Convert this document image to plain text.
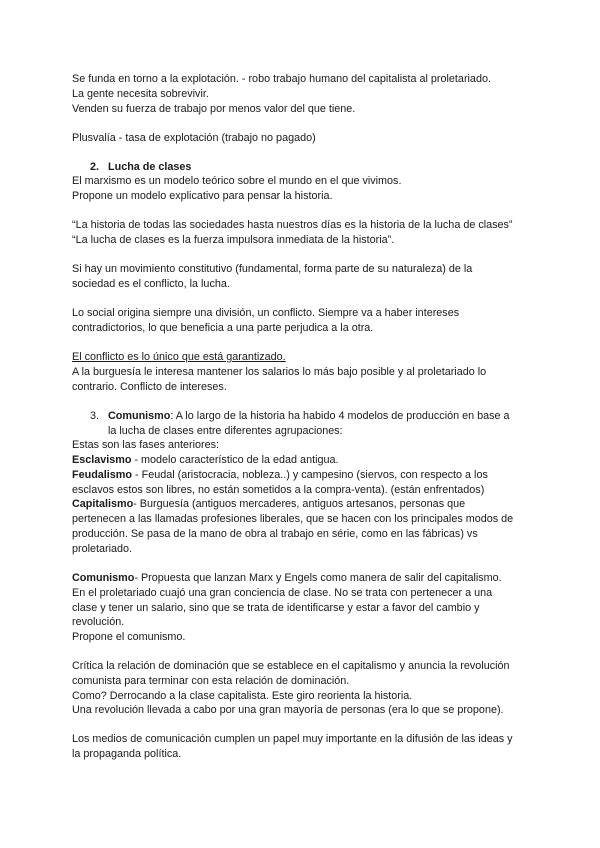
Se funda en torno a la explotación. - robo trabajo humano del capitalista al proletariado.
La gente necesita sobrevivir.
Venden su fuerza de trabajo por menos valor del que tiene.
Plusvalía - tasa de explotación (trabajo no pagado)
2. Lucha de clases
El marxismo es un modelo teórico sobre el mundo en el que vivimos.
Propone un modelo explicativo para pensar la historia.
“La historia de todas las sociedades hasta nuestros días es la historia de la lucha de clases”
“La lucha de clases es la fuerza impulsora inmediata de la historia”.
Si hay un movimiento constitutivo (fundamental, forma parte de su naturaleza) de la
sociedad es el conflicto, la lucha.
Lo social origina siempre una división, un conflicto. Siempre va a haber intereses
contradictorios, lo que beneficia a una parte perjudica a la otra.
El conflicto es lo único que está garantizado.
A la burguesía le interesa mantener los salarios lo más bajo posible y al proletariado lo
contrario. Conflicto de intereses.
3. Comunismo: A lo largo de la historia ha habido 4 modelos de producción en base a
la lucha de clases entre diferentes agrupaciones:
Estas son las fases anteriores:
Esclavismo - modelo característico de la edad antigua.
Feudalismo - Feudal (aristocracia, nobleza..) y campesino (siervos, con respecto a los
esclavos estos son libres, no están sometidos a la compra-venta). (están enfrentados)
Capitalismo- Burguesía (antiguos mercaderes, antiguos artesanos, personas que
pertenecen a las llamadas profesiones liberales, que se hacen con los principales modos de
producción. Se pasa de la mano de obra al trabajo en série, como en las fábricas) vs
proletariado.
Comunismo- Propuesta que lanzan Marx y Engels como manera de salir del capitalismo.
En el proletariado cuajó una gran conciencia de clase. No se trata con pertenecer a una
clase y tener un salario, sino que se trata de identificarse y estar a favor del cambio y
revolución.
Propone el comunismo.
Crítica la relación de dominación que se establece en el capitalismo y anuncia la revolución
comunista para terminar con esta relación de dominación.
Como? Derrocando a la clase capitalista. Este giro reorienta la historia.
Una revolución llevada a cabo por una gran mayoría de personas (era lo que se propone).
Los medios de comunicación cumplen un papel muy importante en la difusión de las ideas y
la propaganda política.
